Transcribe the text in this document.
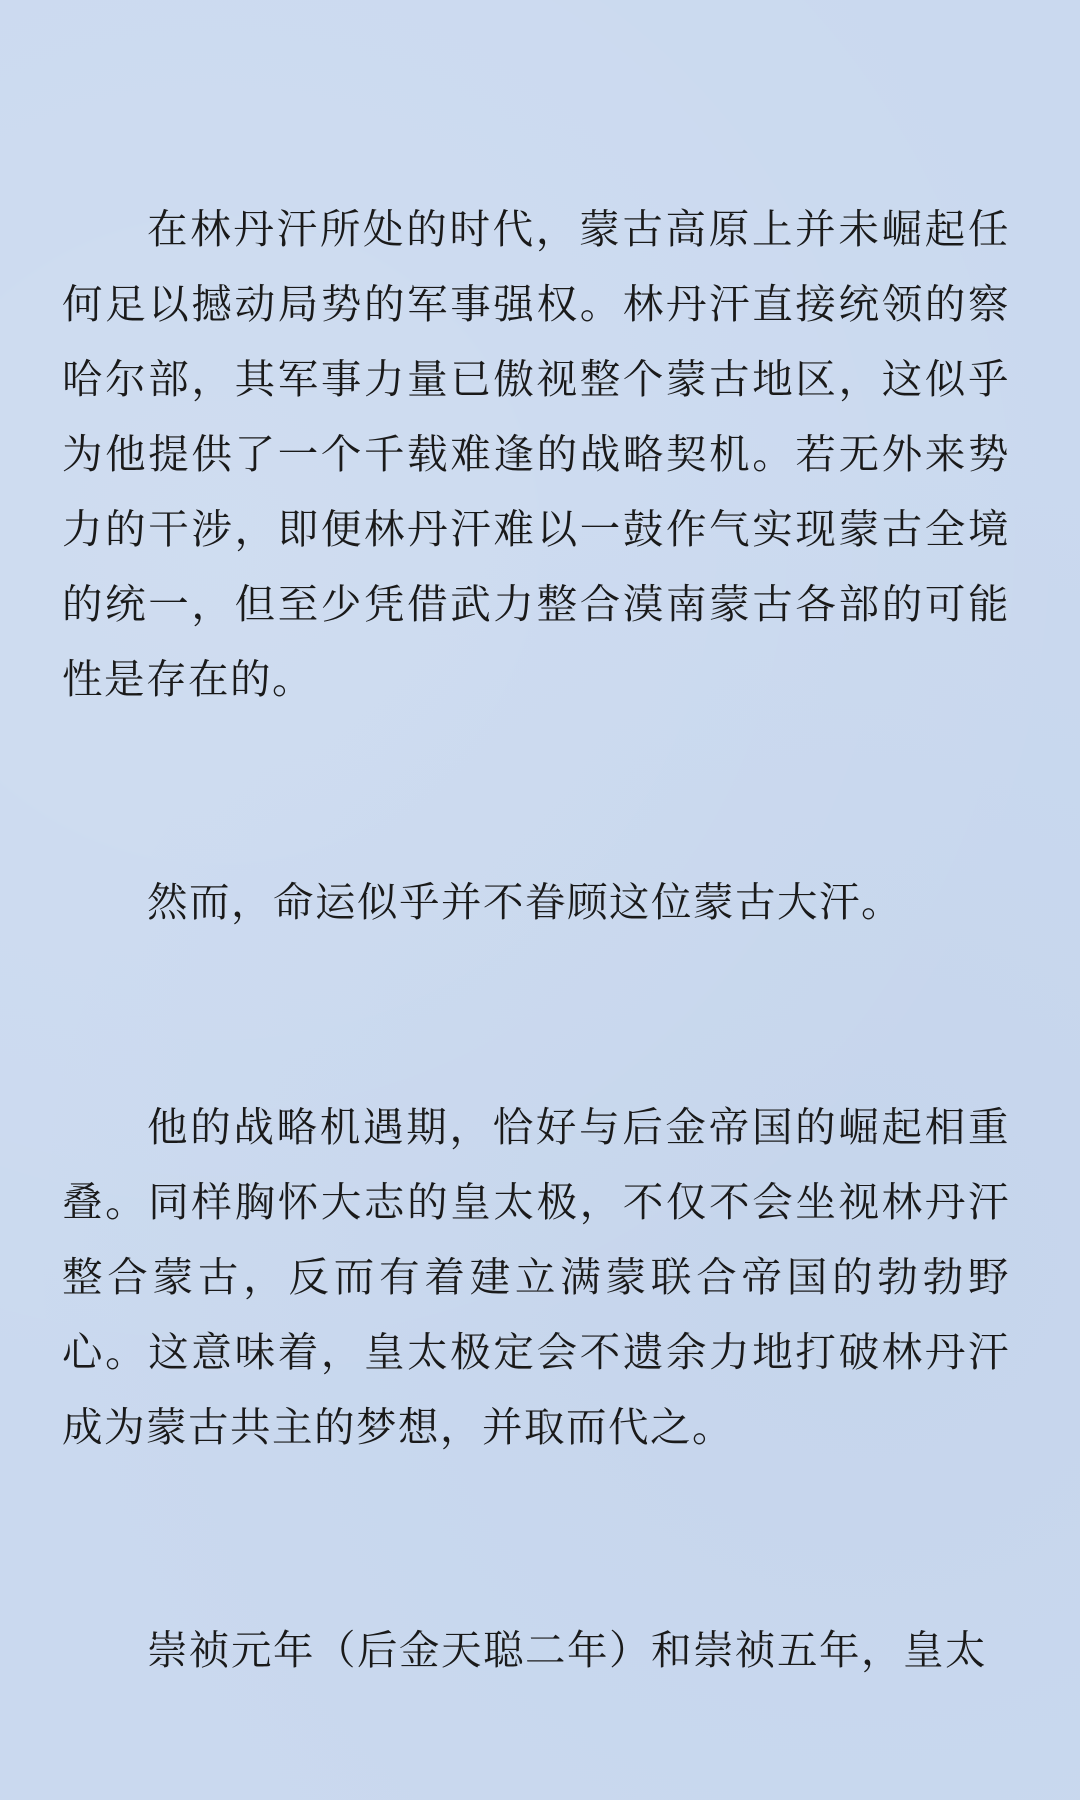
在林丹汗所处的时代，蒙古高原上并未崛起任何足以撼动局势的军事强权。林丹汗直接统领的察哈尔部，其军事力量已傲视整个蒙古地区，这似乎为他提供了一个千载难逢的战略契机。若无外来势力的干涉，即便林丹汗难以一鼓作气实现蒙古全境的统一，但至少凭借武力整合漠南蒙古各部的可能性是存在的。

然而，命运似乎并不眷顾这位蒙古大汗。

他的战略机遇期，恰好与后金帝国的崛起相重叠。同样胸怀大志的皇太极，不仅不会坐视林丹汗整合蒙古，反而有着建立满蒙联合帝国的勃勃野心。这意味着，皇太极定会不遗余力地打破林丹汗成为蒙古共主的梦想，并取而代之。

崇祯元年（后金天聪二年）和崇祯五年，皇太
